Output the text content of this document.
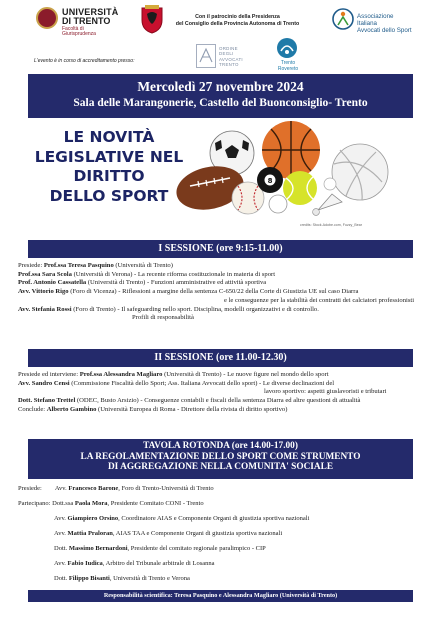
UNIVERSITÀ
DI TRENTO
Facoltà di
Giurisprudenza
Con il patrocinio della Presidenza
del Consiglio della Provincia Autonoma di Trento
Associazione
Italiana
Avvocati dello Sport
L'evento è in corso di accreditamento presso:
ORDINE
DEGLI
AVVOCATI
TRENTO	Trento
Rovereto
Mercoledì 27 novembre 2024
Sala delle Marangonerie, Castello del Buonconsiglio- Trento
LE NOVITÀ
LEGISLATIVE NEL
DIRITTO
DELLO SPORT
8
credits: Stock.Adobe.com, Fuzzy_Bear
I SESSIONE (ore 9:15-11.00)

Presiede: Prof.ssa Teresa Pasquino (Università di Trento)

Prof.ssa Sara Scola (Università di Verona) - La recente riforma costituzionale in materia di sport

Prof. Antonio Cassatella (Università di Trento) - Funzioni amministrative ed attività sportiva

Avv. Vittorio Rigo (Foro di Vicenza) - Riflessioni a margine della sentenza C-650/22 della Corte di Giustizia UE sul caso Diarra

e le conseguenze per la stabilità dei contratti dei calciatori professionisti

Avv. Stefania Rossi (Foro di Trento) - Il safeguarding nello sport. Disciplina, modelli organizzativi e di controllo.

Profili di responsabilità

II SESSIONE (ore 11.00-12.30)

Presiede ed interviene: Prof.ssa Alessandra Magliaro (Università di Trento) - Le nuove figure nel mondo dello sport

Avv. Sandro Censi (Commissione Fiscalità dello Sport; Ass. Italiana Avvocati dello sport) - Le diverse declinazioni del

lavoro sportivo: aspetti giuslavoristi e tributari

Dott. Stefano Trettel (ODEC, Busto Arsizio) - Conseguenze contabili e fiscali della sentenza Diarra ed altre questioni di attualità

Conclude: Alberto Gambino (Università Europea di Roma - Direttore della rivista di diritto sportivo)

TAVOLA ROTONDA (ore 14.00-17.00)
LA REGOLAMENTAZIONE DELLO SPORT COME STRUMENTO
DI AGGREGAZIONE NELLA COMUNITA' SOCIALE

Presiede: Avv. Francesco Barone, Foro di Trento-Università di Trento

Partecipano: Dott.ssa Paola Mora, Presidente Comitato CONI - Trento

Avv. Giampiero Orsino, Coordinatore AIAS e Componente Organi di giustizia sportiva nazionali

Avv. Mattia Praloran, AIAS TAA e Componente Organi di giustizia sportiva nazionali

Dott. Massimo Bernardoni, Presidente del comitato regionale paralimpico - CIP

Avv. Fabio Iudica, Arbitro del Tribunale arbitrale di Losanna

Dott. Filippo Bisanti, Università di Trento e Verona

Responsabilità scientifica: Teresa Pasquino e Alessandra Magliaro (Università di Trento)
